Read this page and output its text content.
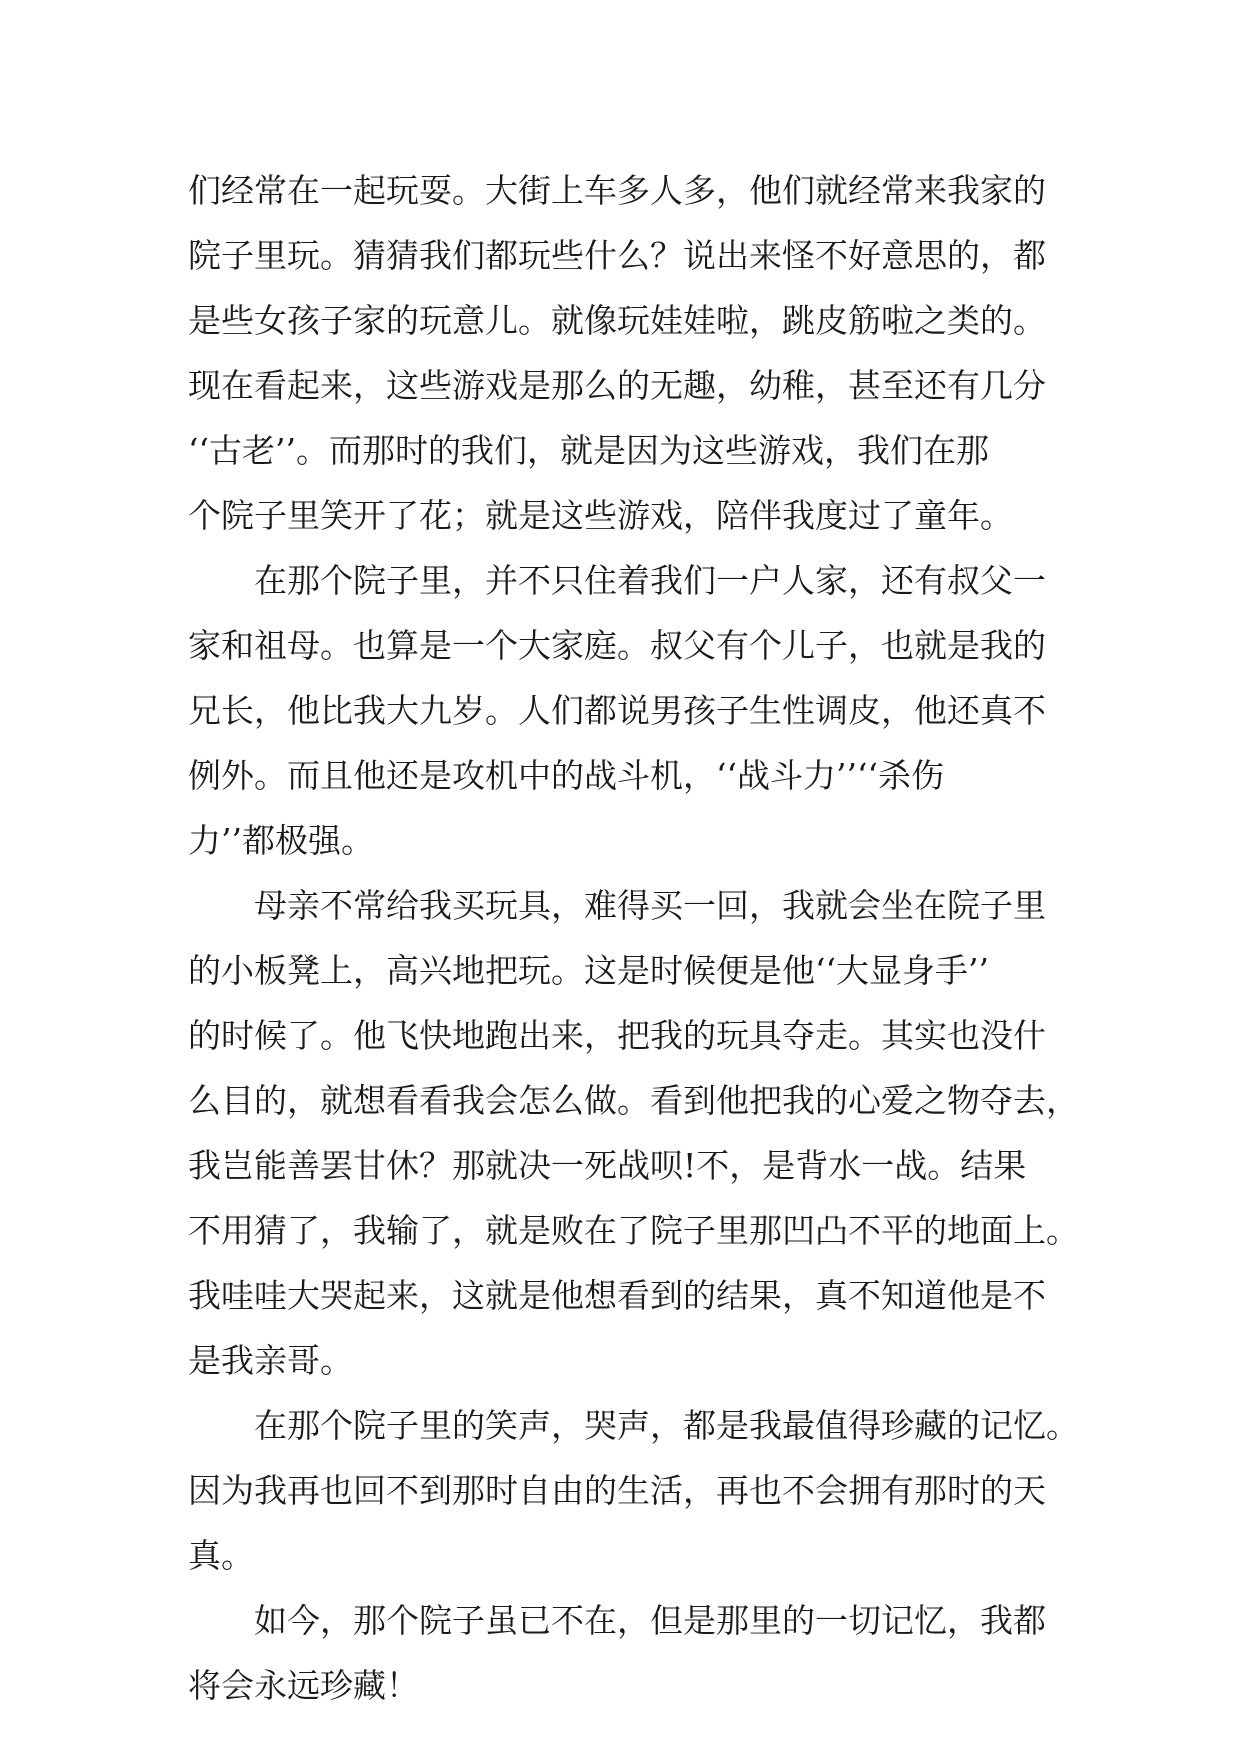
们经常在一起玩耍。大街上车多人多，他们就经常来我家的
院子里玩。猜猜我们都玩些什么？说出来怪不好意思的，都
是些女孩子家的玩意儿。就像玩娃娃啦，跳皮筋啦之类的。
现在看起来，这些游戏是那么的无趣，幼稚，甚至还有几分
‘‘古老’’。而那时的我们，就是因为这些游戏，我们在那
个院子里笑开了花；就是这些游戏，陪伴我度过了童年。
在那个院子里，并不只住着我们一户人家，还有叔父一
家和祖母。也算是一个大家庭。叔父有个儿子，也就是我的
兄长，他比我大九岁。人们都说男孩子生性调皮，他还真不
例外。而且他还是攻机中的战斗机，‘‘战斗力’’‘‘杀伤
力’’都极强。
母亲不常给我买玩具，难得买一回，我就会坐在院子里
的小板凳上，高兴地把玩。这是时候便是他‘‘大显身手’’
的时候了。他飞快地跑出来，把我的玩具夺走。其实也没什
么目的，就想看看我会怎么做。看到他把我的心爱之物夺去，
我岂能善罢甘休？那就决一死战呗!不，是背水一战。结果
不用猜了，我输了，就是败在了院子里那凹凸不平的地面上。
我哇哇大哭起来，这就是他想看到的结果，真不知道他是不
是我亲哥。
在那个院子里的笑声，哭声，都是我最值得珍藏的记忆。
因为我再也回不到那时自由的生活，再也不会拥有那时的天
真。
如今，那个院子虽已不在，但是那里的一切记忆，我都
将会永远珍藏！
